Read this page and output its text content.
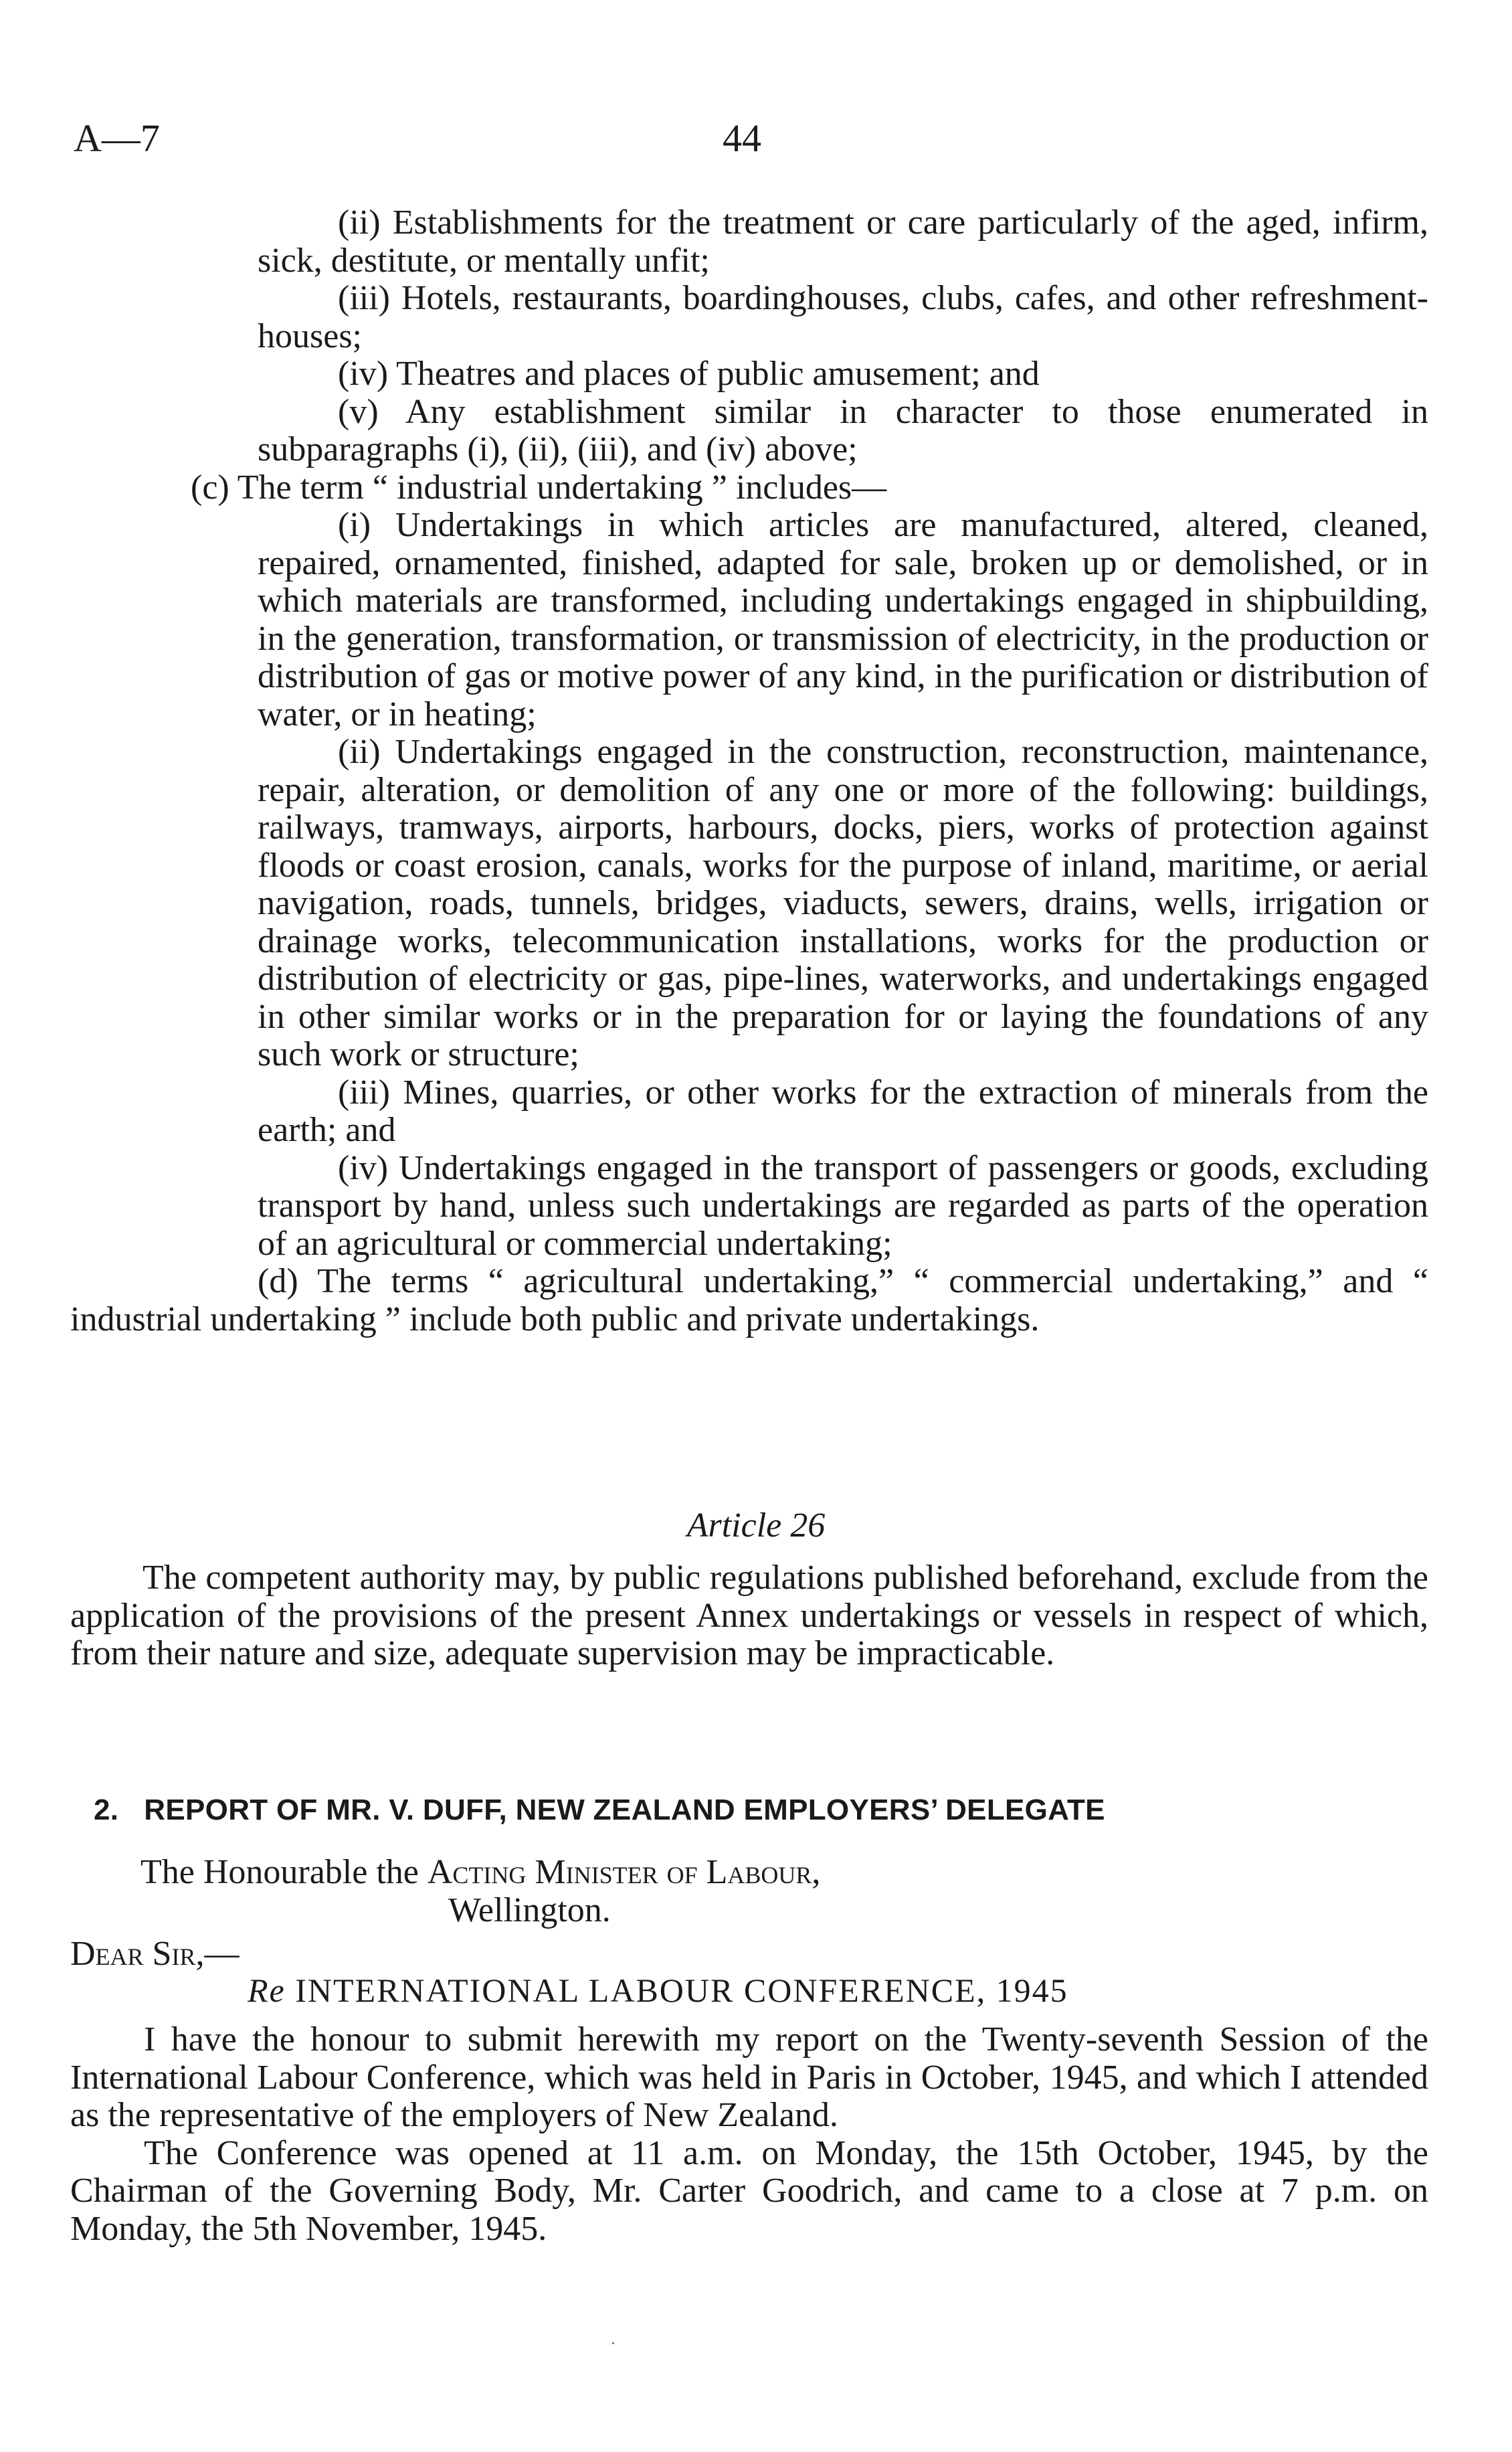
A—7	44

(ii) Establishments for the treatment or care particularly of the aged, infirm, sick, destitute, or mentally unfit;

(iii) Hotels, restaurants, boardinghouses, clubs, cafes, and other refreshment-houses;

(iv) Theatres and places of public amusement; and

(v) Any establishment similar in character to those enumerated in subparagraphs (i), (ii), (iii), and (iv) above;

(c) The term “ industrial undertaking ” includes—

(i) Undertakings in which articles are manufactured, altered, cleaned, repaired, ornamented, finished, adapted for sale, broken up or demolished, or in which materials are transformed, including undertakings engaged in shipbuilding, in the generation, transformation, or transmission of electricity, in the production or distribution of gas or motive power of any kind, in the purification or distribution of water, or in heating;

(ii) Undertakings engaged in the construction, reconstruction, maintenance, repair, alteration, or demolition of any one or more of the following: buildings, railways, tramways, airports, harbours, docks, piers, works of protection against floods or coast erosion, canals, works for the purpose of inland, maritime, or aerial navigation, roads, tunnels, bridges, viaducts, sewers, drains, wells, irrigation or drainage works, telecommunication installations, works for the production or distribution of electricity or gas, pipe-lines, waterworks, and undertakings engaged in other similar works or in the preparation for or laying the foundations of any such work or structure;

(iii) Mines, quarries, or other works for the extraction of minerals from the earth; and

(iv) Undertakings engaged in the transport of passengers or goods, excluding transport by hand, unless such undertakings are regarded as parts of the operation of an agricultural or commercial undertaking;

(d) The terms “ agricultural undertaking,” “ commercial undertaking,” and “ industrial undertaking ” include both public and private undertakings.

Article 26

The competent authority may, by public regulations published beforehand, exclude from the application of the provisions of the present Annex undertakings or vessels in respect of which, from their nature and size, adequate supervision may be impracticable.

2. REPORT OF MR. V. DUFF, NEW ZEALAND EMPLOYERS’ DELEGATE
The Honourable the Acting Minister of Labour,
Wellington.
Dear Sir,—
Re INTERNATIONAL LABOUR CONFERENCE, 1945

I have the honour to submit herewith my report on the Twenty-seventh Session of the International Labour Conference, which was held in Paris in October, 1945, and which I attended as the representative of the employers of New Zealand.

The Conference was opened at 11 a.m. on Monday, the 15th October, 1945, by the Chairman of the Governing Body, Mr. Carter Goodrich, and came to a close at 7 p.m. on Monday, the 5th November, 1945.
